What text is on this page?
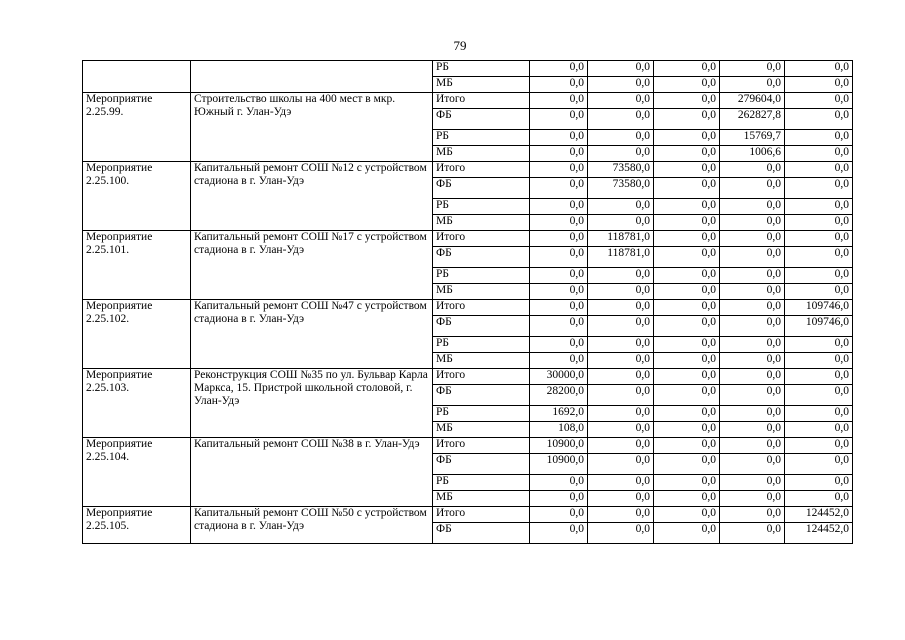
79
		РБ	0,0	0,0	0,0	0,0	0,0
		МБ	0,0	0,0	0,0	0,0	0,0
Мероприятие 2.25.99.	Строительство школы на 400 мест в мкр. Южный г. Улан-Удэ	Итого	0,0	0,0	0,0	279604,0	0,0
		ФБ	0,0	0,0	0,0	262827,8	0,0
		РБ	0,0	0,0	0,0	15769,7	0,0
		МБ	0,0	0,0	0,0	1006,6	0,0
Мероприятие 2.25.100.	Капитальный ремонт СОШ №12 с устройством стадиона в г. Улан-Удэ	Итого	0,0	73580,0	0,0	0,0	0,0
		ФБ	0,0	73580,0	0,0	0,0	0,0
		РБ	0,0	0,0	0,0	0,0	0,0
		МБ	0,0	0,0	0,0	0,0	0,0
Мероприятие 2.25.101.	Капитальный ремонт СОШ №17 с устройством стадиона в г. Улан-Удэ	Итого	0,0	118781,0	0,0	0,0	0,0
		ФБ	0,0	118781,0	0,0	0,0	0,0
		РБ	0,0	0,0	0,0	0,0	0,0
		МБ	0,0	0,0	0,0	0,0	0,0
Мероприятие 2.25.102.	Капитальный ремонт СОШ №47 с устройством стадиона в г. Улан-Удэ	Итого	0,0	0,0	0,0	0,0	109746,0
		ФБ	0,0	0,0	0,0	0,0	109746,0
		РБ	0,0	0,0	0,0	0,0	0,0
		МБ	0,0	0,0	0,0	0,0	0,0
Мероприятие 2.25.103.	Реконструкция СОШ №35 по ул. Бульвар Карла Маркса, 15. Пристрой школьной столовой, г. Улан-Удэ	Итого	30000,0	0,0	0,0	0,0	0,0
		ФБ	28200,0	0,0	0,0	0,0	0,0
		РБ	1692,0	0,0	0,0	0,0	0,0
		МБ	108,0	0,0	0,0	0,0	0,0
Мероприятие 2.25.104.	Капитальный ремонт СОШ №38 в г. Улан-Удэ	Итого	10900,0	0,0	0,0	0,0	0,0
		ФБ	10900,0	0,0	0,0	0,0	0,0
		РБ	0,0	0,0	0,0	0,0	0,0
		МБ	0,0	0,0	0,0	0,0	0,0
Мероприятие 2.25.105.	Капитальный ремонт СОШ №50 с устройством стадиона в г. Улан-Удэ	Итого	0,0	0,0	0,0	0,0	124452,0
		ФБ	0,0	0,0	0,0	0,0	124452,0
